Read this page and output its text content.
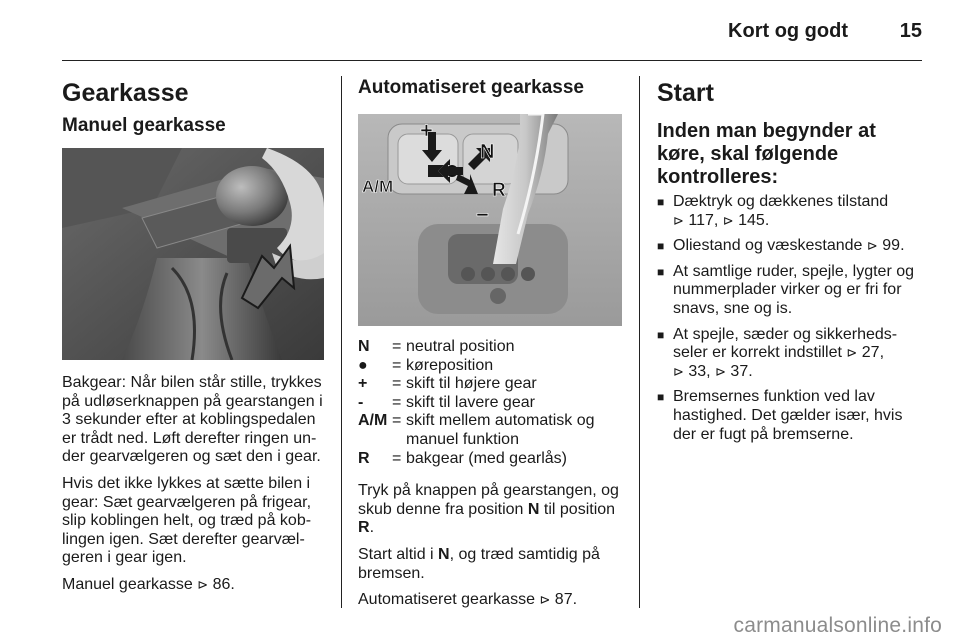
Kort og godt	15
Gearkasse
Manuel gearkasse

Bakgear: Når bilen står stille, trykkes på udløserknappen på gearstangen i 3 sekunder efter at koblingspedalen er trådt ned. Løft derefter ringen under gearvælgeren og sæt den i gear.

Hvis det ikke lykkes at sætte bilen i gear: Sæt gearvælgeren på frigear, slip koblingen helt, og træd på koblingen igen. Sæt derefter gearvælgeren i gear igen.

Manuel gearkasse ⊳ 86.

Automatiseret gearkasse
A/M
N
R
+
−
N	=	neutral position
●	=	køreposition
+	=	skift til højere gear
-	=	skift til lavere gear
A/M	=	skift mellem automatisk og manuel funktion
R	=	bakgear (med gearlås)

Tryk på knappen på gearstangen, og skub denne fra position N til position R.

Start altid i N, og træd samtidig på bremsen.

Automatiseret gearkasse ⊳ 87.

Start
Inden man begynder at køre, skal følgende kontrolleres:
■ Dæktryk og dækkenes tilstand
⊳ 117, ⊳ 145.
■ Oliestand og væskestande ⊳ 99.
■ At samtlige ruder, spejle, lygter og nummerplader virker og er fri for snavs, sne og is.
■ At spejle, sæder og sikkerhedsseler er korrekt indstillet ⊳ 27,
⊳ 33, ⊳ 37.
■ Bremsernes funktion ved lav hastighed. Det gælder især, hvis der er fugt på bremserne.
carmanualsonline.info
